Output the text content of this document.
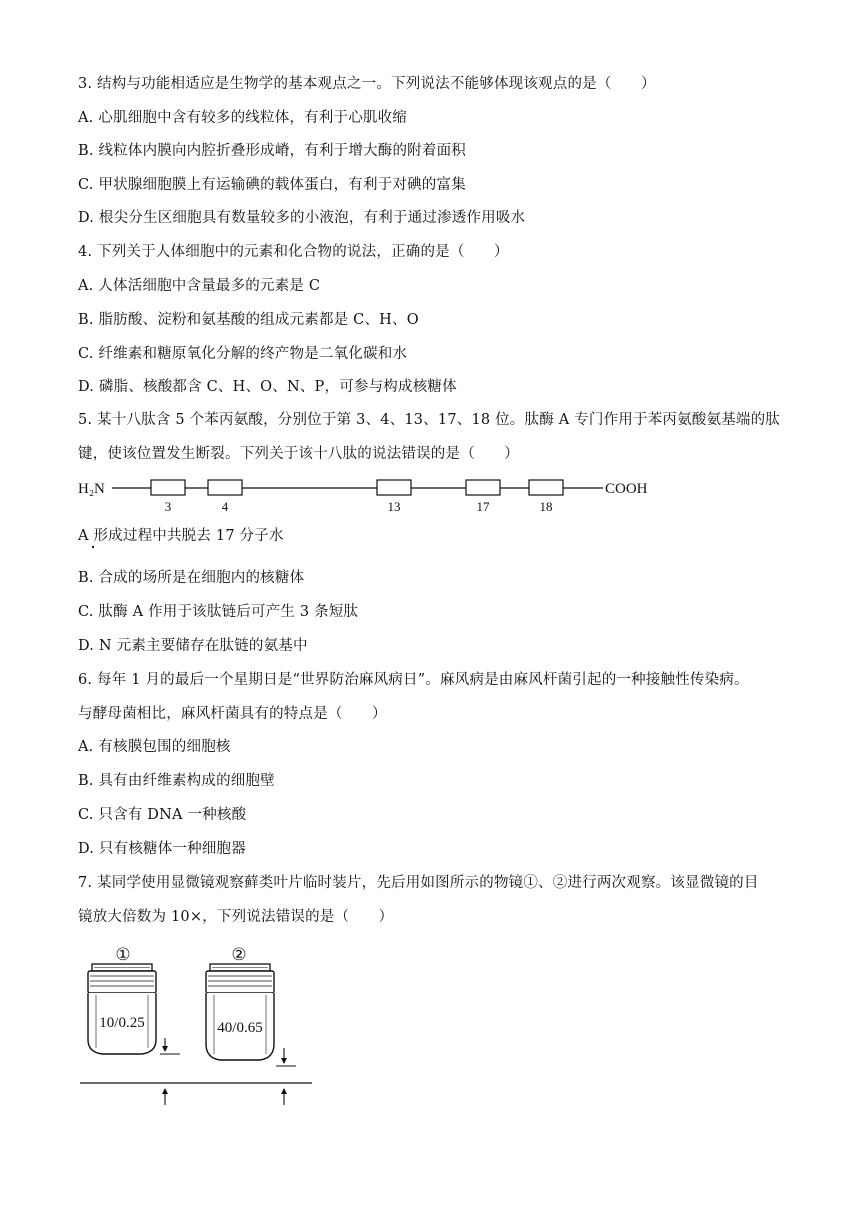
3. 结构与功能相适应是生物学的基本观点之一。下列说法不能够体现该观点的是（　　）
A. 心肌细胞中含有较多的线粒体，有利于心肌收缩
B. 线粒体内膜向内腔折叠形成嵴，有利于增大酶的附着面积
C. 甲状腺细胞膜上有运输碘的载体蛋白，有利于对碘的富集
D. 根尖分生区细胞具有数量较多的小液泡，有利于通过渗透作用吸水
4. 下列关于人体细胞中的元素和化合物的说法，正确的是（　　）
A. 人体活细胞中含量最多的元素是 C
B. 脂肪酸、淀粉和氨基酸的组成元素都是 C、H、O
C. 纤维素和糖原氧化分解的终产物是二氧化碳和水
D. 磷脂、核酸都含 C、H、O、N、P，可参与构成核糖体
5. 某十八肽含 5 个苯丙氨酸，分别位于第 3、4、13、17、18 位。肽酶 A 专门作用于苯丙氨酸氨基端的肽
键，使该位置发生断裂。下列关于该十八肽的说法错误的是（　　）
H₂N
3	4	13	17	18
COOH
A 形成过程中共脱去 17 分子水
B. 合成的场所是在细胞内的核糖体
C. 肽酶 A 作用于该肽链后可产生 3 条短肽
D. N 元素主要储存在肽链的氨基中
6. 每年 1 月的最后一个星期日是“世界防治麻风病日”。麻风病是由麻风杆菌引起的一种接触性传染病。
与酵母菌相比，麻风杆菌具有的特点是（　　）
A. 有核膜包围的细胞核
B. 具有由纤维素构成的细胞壁
C. 只含有 DNA 一种核酸
D. 只有核糖体一种细胞器
7. 某同学使用显微镜观察藓类叶片临时装片，先后用如图所示的物镜①、②进行两次观察。该显微镜的目
镜放大倍数为 10×，下列说法错误的是（　　）
①
10/0.25
②
40/0.65
